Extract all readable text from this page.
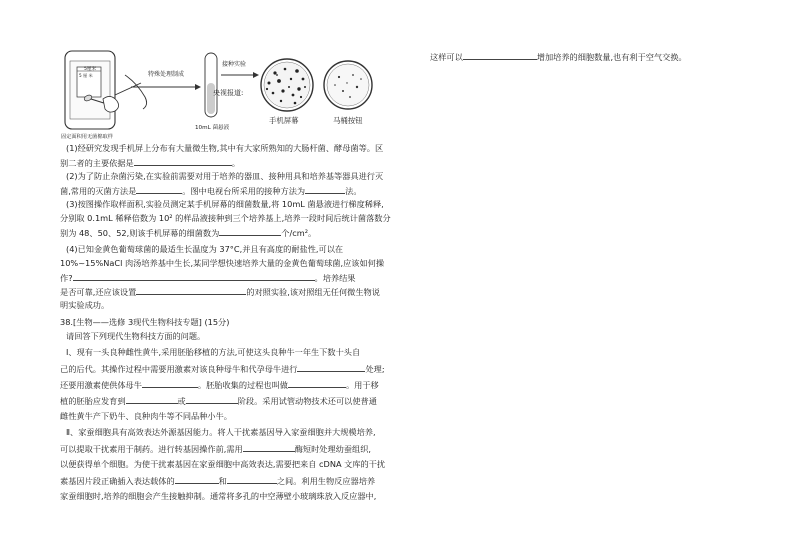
5厘米
5 厘 米
固定面积用无菌棉取样
特殊处理制成
10mL 菌悬液
接种实验
央视报道:
手机屏幕	马桶按钮
(1)经研究发现手机屏上分布有大量微生物,其中有大家所熟知的大肠杆菌、酵母菌等。区
别二者的主要依据是	。
(2)为了防止杂菌污染,在实验前需要对用于培养的器皿、接种用具和培养基等器具进行灭
菌,常用的灭菌方法是	。图中电视台所采用的接种方法为	法。
(3)按图操作取样面积,实验员测定某手机屏幕的细菌数量,将 10mL 菌悬液进行梯度稀释,
分别取 0.1mL 稀释倍数为 10² 的样品液接种到三个培养基上,培养一段时间后统计菌落数分
别为 48、50、52,则该手机屏幕的细菌数为	个/cm²。
(4)已知金黄色葡萄球菌的最适生长温度为 37°C,并且有高度的耐盐性,可以在
10%~15%NaCl 肉汤培养基中生长,某同学想快速培养大量的金黄色葡萄球菌,应该如何操
作?	。培养结果
是否可靠,还应该设置	的对照实验,该对照组无任何微生物说
明实验成功。
38.[生物——选修 3现代生物科技专题] (15分)
请回答下列现代生物科技方面的问题。
Ⅰ、现有一头良种雌性黄牛,采用胚胎移植的方法,可使这头良种牛一年生下数十头自
己的后代。其操作过程中需要用激素对该良种母牛和代孕母牛进行	处理;
还要用激素使供体母牛	。胚胎收集的过程也叫做	。用于移
植的胚胎应发育到	或	阶段。采用试管动物技术还可以使普通
雌性黄牛产下奶牛、良种肉牛等不同品种小牛。
Ⅱ、家蚕细胞具有高效表达外源基因能力。将人干扰素基因导入家蚕细胞并大规模培养,
可以提取干扰素用于制药。进行转基因操作前,需用	酶短时处理幼蚕组织,
以便获得单个细胞。为使干扰素基因在家蚕细胞中高效表达,需要把来自 cDNA 文库的干扰
素基因片段正确插入表达载体的	和	之间。利用生物反应器培养
家蚕细胞时,培养的细胞会产生接触抑制。通常将多孔的中空薄壁小玻璃珠放入反应器中,
这样可以	增加培养的细胞数量,也有利于空气交换。
